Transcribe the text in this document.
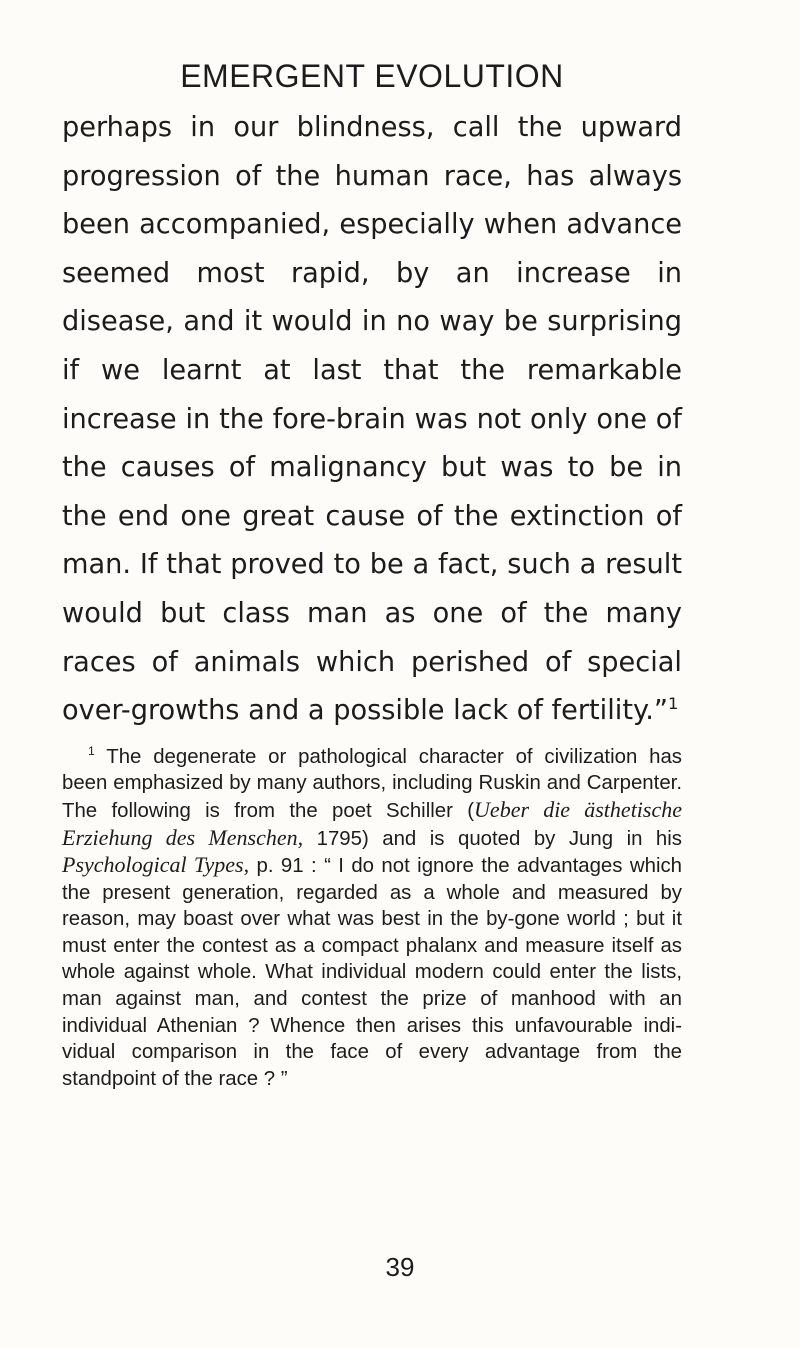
EMERGENT EVOLUTION

perhaps in our blindness, call the upward progression of the human race, has always been accompanied, especially when advance seemed most rapid, by an increase in disease, and it would in no way be surprising if we learnt at last that the remarkable increase in the fore-brain was not only one of the causes of malignancy but was to be in the end one great cause of the extinction of man. If that proved to be a fact, such a result would but class man as one of the many races of animals which perished of special over-growths and a possible lack of fertility.”$^1$

$^1$ The degenerate or pathological character of civilization has been emphasized by many authors, including Ruskin and Carpenter. The following is from the poet Schiller (Ueber die ästhetische Erziehung des Menschen, 1795) and is quoted by Jung in his Psychological Types, p. 91 : “ I do not ignore the advantages which the present generation, regarded as a whole and measured by reason, may boast over what was best in the by-gone world ; but it must enter the contest as a compact phalanx and measure itself as whole against whole. What individual modern could enter the lists, man against man, and contest the prize of manhood with an individual Athenian ? Whence then arises this unfavourable individual comparison in the face of every advantage from the standpoint of the race ? ”

39
